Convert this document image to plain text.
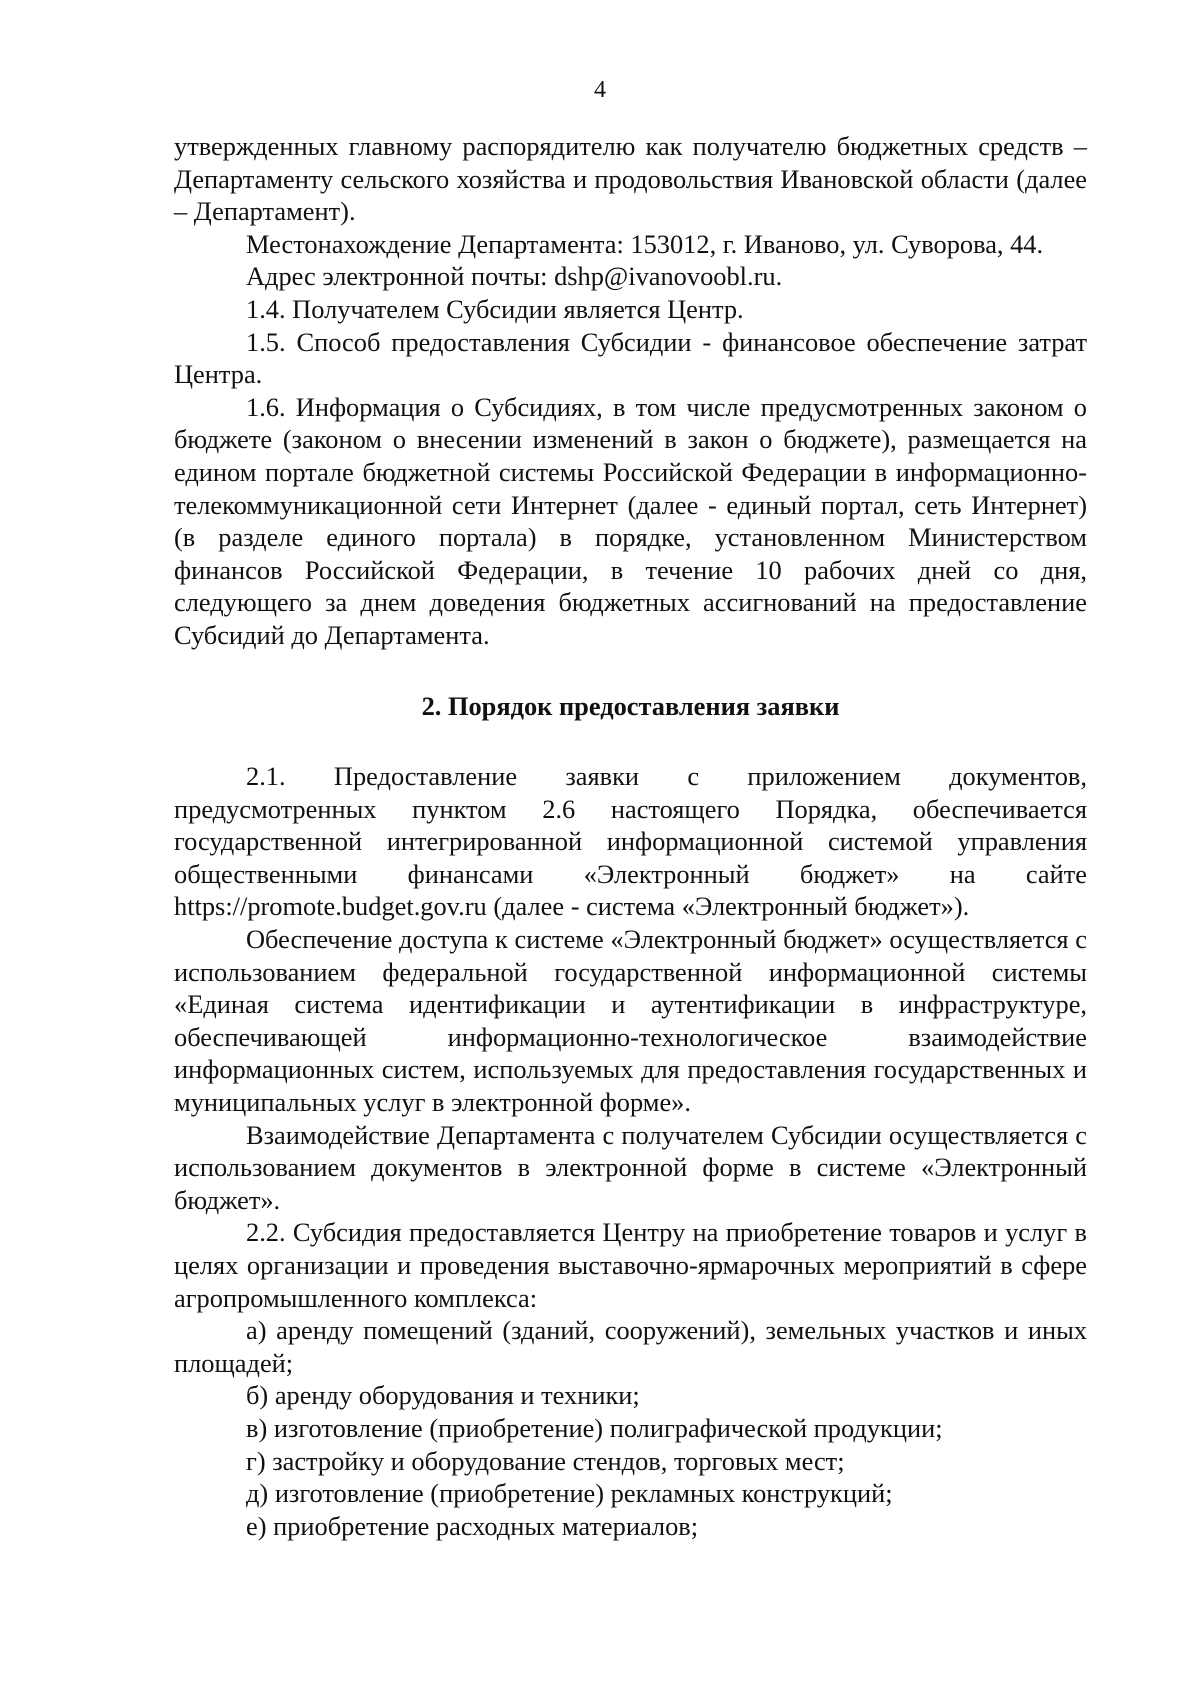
4

утвержденных главному распорядителю как получателю бюджетных средств – Департаменту сельского хозяйства и продовольствия Ивановской области (далее – Департамент).

Местонахождение Департамента: 153012, г. Иваново, ул. Суворова, 44.

Адрес электронной почты: dshp@ivanovoobl.ru.

1.4. Получателем Субсидии является Центр.

1.5. Способ предоставления Субсидии - финансовое обеспечение затрат Центра.

1.6. Информация о Субсидиях, в том числе предусмотренных законом о бюджете (законом о внесении изменений в закон о бюджете), размещается на едином портале бюджетной системы Российской Федерации в информационно-телекоммуникационной сети Интернет (далее - единый портал, сеть Интернет) (в разделе единого портала) в порядке, установленном Министерством финансов Российской Федерации, в течение 10 рабочих дней со дня, следующего за днем доведения бюджетных ассигнований на предоставление Субсидий до Департамента.

2. Порядок предоставления заявки

2.1. Предоставление заявки с приложением документов, предусмотренных пунктом 2.6 настоящего Порядка, обеспечивается государственной интегрированной информационной системой управления общественными финансами «Электронный бюджет» на сайте https://promote.budget.gov.ru (далее - система «Электронный бюджет»).

Обеспечение доступа к системе «Электронный бюджет» осуществляется с использованием федеральной государственной информационной системы «Единая система идентификации и аутентификации в инфраструктуре, обеспечивающей информационно-технологическое взаимодействие информационных систем, используемых для предоставления государственных и муниципальных услуг в электронной форме».

Взаимодействие Департамента с получателем Субсидии осуществляется с использованием документов в электронной форме в системе «Электронный бюджет».

2.2. Субсидия предоставляется Центру на приобретение товаров и услуг в целях организации и проведения выставочно-ярмарочных мероприятий в сфере агропромышленного комплекса:

а) аренду помещений (зданий, сооружений), земельных участков и иных площадей;

б) аренду оборудования и техники;

в) изготовление (приобретение) полиграфической продукции;

г) застройку и оборудование стендов, торговых мест;

д) изготовление (приобретение) рекламных конструкций;

е) приобретение расходных материалов;
